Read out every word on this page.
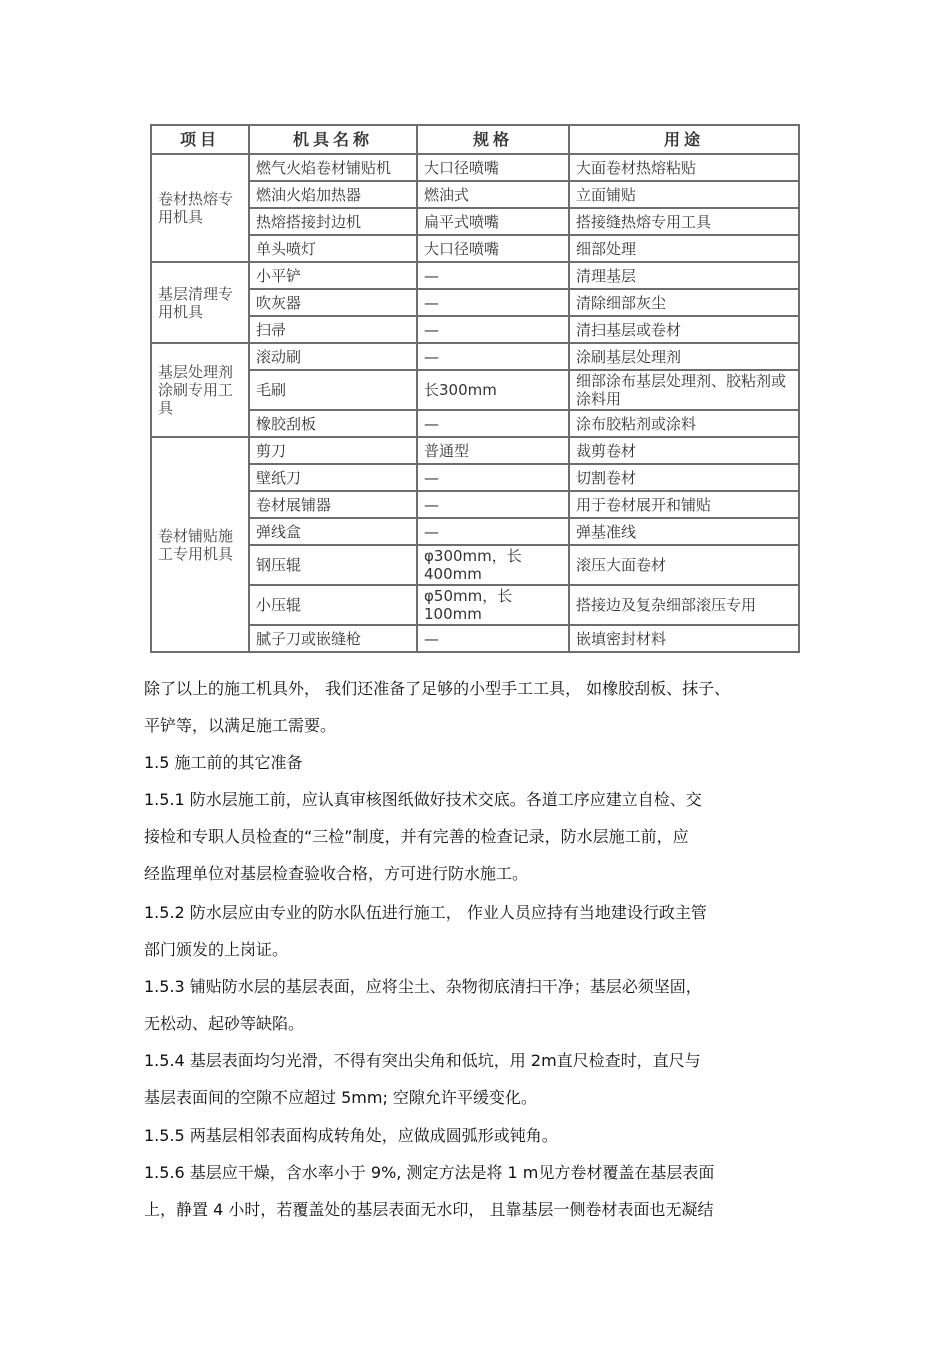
项目	机具名称	规格	用途
卷材热熔专用机具	燃气火焰卷材铺贴机	大口径喷嘴	大面卷材热熔粘贴
	燃油火焰加热器	燃油式	立面铺贴
	热熔搭接封边机	扁平式喷嘴	搭接缝热熔专用工具
	单头喷灯	大口径喷嘴	细部处理
基层清理专用机具	小平铲	—	清理基层
	吹灰器	—	清除细部灰尘
	扫帚	—	清扫基层或卷材
基层处理剂涂刷专用工具	滚动刷	—	涂刷基层处理剂
	毛刷	长300mm	细部涂布基层处理剂、胶粘剂或涂料用
	橡胶刮板	—	涂布胶粘剂或涂料
卷材铺贴施工专用机具	剪刀	普通型	裁剪卷材
	壁纸刀	—	切割卷材
	卷材展铺器	—	用于卷材展开和铺贴
	弹线盒	—	弹基准线
	钢压辊	φ300mm，长400mm	滚压大面卷材
	小压辊	φ50mm，长100mm	搭接边及复杂细部滚压专用
	腻子刀或嵌缝枪	—	嵌填密封材料
除了以上的施工机具外， 我们还准备了足够的小型手工工具， 如橡胶刮板、抹子、
平铲等，以满足施工需要。
1.5 施工前的其它准备
1.5.1 防水层施工前，应认真审核图纸做好技术交底。各道工序应建立自检、交
接检和专职人员检查的“三检”制度，并有完善的检查记录，防水层施工前，应
经监理单位对基层检查验收合格，方可进行防水施工。
1.5.2 防水层应由专业的防水队伍进行施工， 作业人员应持有当地建设行政主管
部门颁发的上岗证。
1.5.3 铺贴防水层的基层表面，应将尘土、杂物彻底清扫干净；基层必须坚固，
无松动、起砂等缺陷。
1.5.4 基层表面均匀光滑，不得有突出尖角和低坑，用 2m直尺检查时，直尺与
基层表面间的空隙不应超过 5mm; 空隙允许平缓变化。
1.5.5 两基层相邻表面构成转角处，应做成圆弧形或钝角。
1.5.6 基层应干燥，含水率小于 9%, 测定方法是将 1 m见方卷材覆盖在基层表面
上，静置 4 小时，若覆盖处的基层表面无水印， 且靠基层一侧卷材表面也无凝结
